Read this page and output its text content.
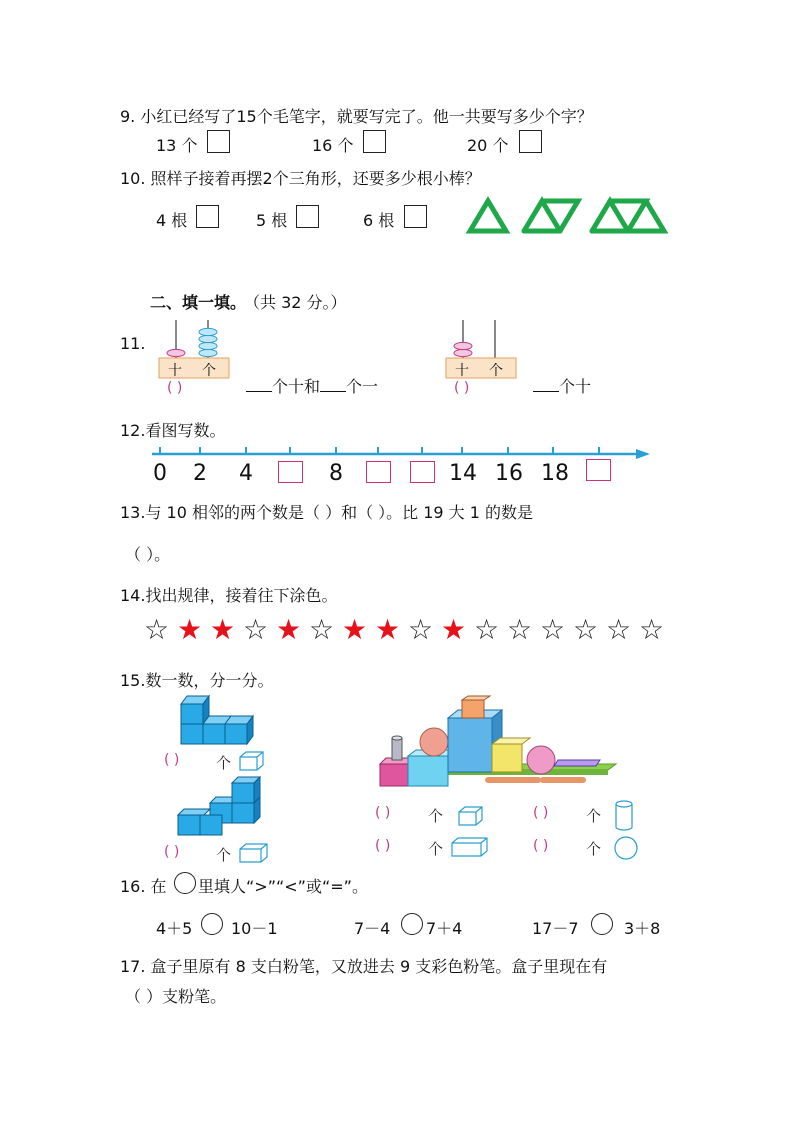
9. 小红已经写了15个毛笔字，就要写完了。他一共要写多少个字？
13 个	16 个	20 个
10. 照样子接着再摆2个三角形，还要多少根小棒？
4 根	5 根	6 根
二、填一填。
（共 32 分。）
11.
十 个
( )	个十和 个一
十 个
( )	个十
12.看图写数。
0 2 4	8	14 16 18
13.与 10 相邻的两个数是（ ）和（ ）。比 19 大 1 的数是
（ ）。
14.找出规律，接着往下涂色。
☆ ★ ★ ☆ ★ ☆ ★ ★ ☆ ★ ☆ ☆ ☆ ☆ ☆ ☆
15.数一数，分一分。
( ) 个
( ) 个
( )	个	( )	个
( )	个	( )	个
16. 在 里填人“>”“<”或“=”。
4＋5 10－1	7－4 7＋4	17－7	3＋8
17. 盒子里原有 8 支白粉笔，又放进去 9 支彩色粉笔。盒子里现在有
（ ）支粉笔。
